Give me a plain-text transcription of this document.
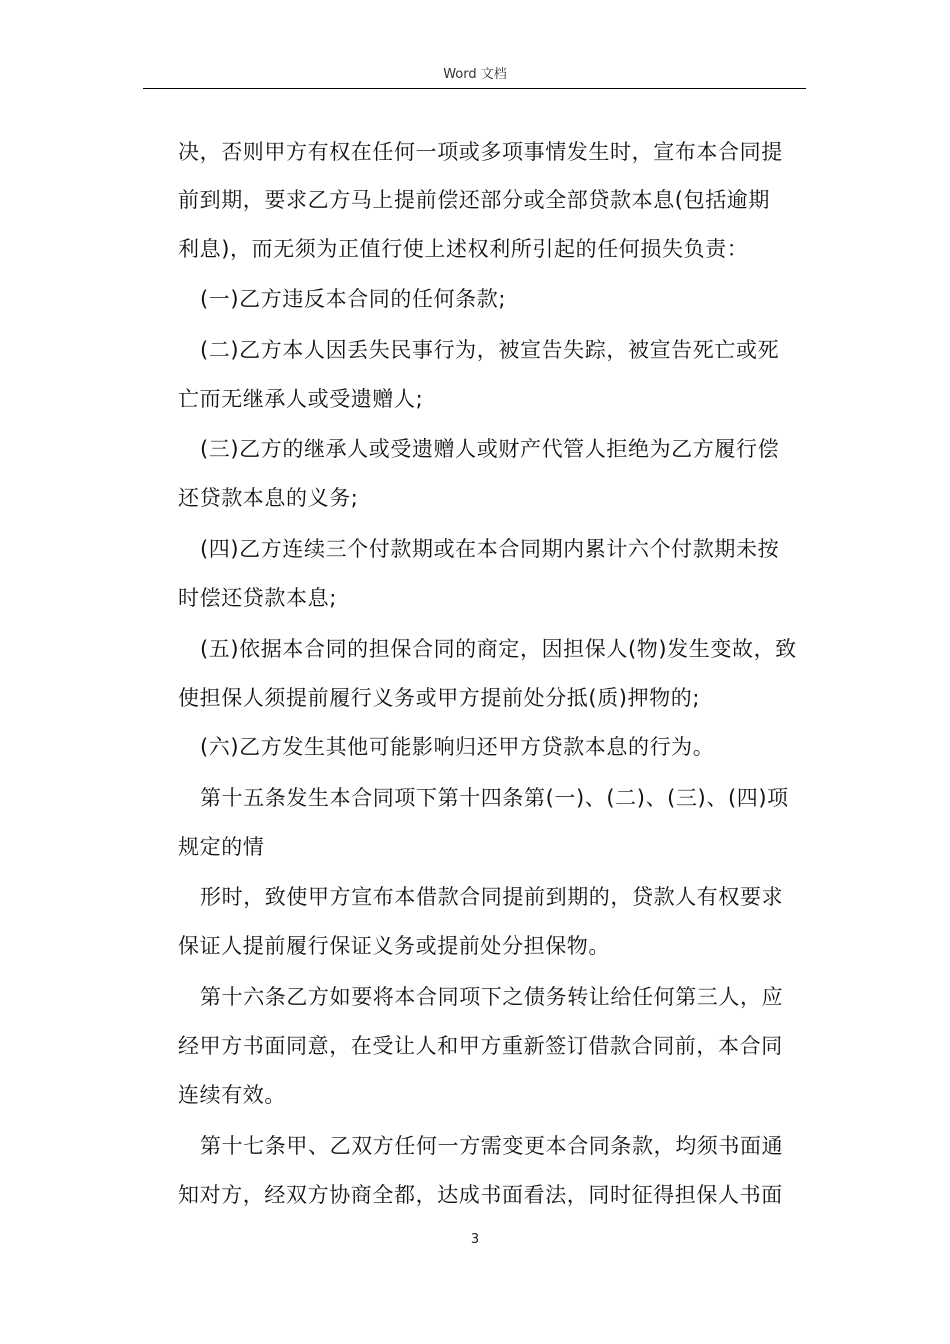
Word 文档
决，否则甲方有权在任何一项或多项事情发生时，宣布本合同提
前到期，要求乙方马上提前偿还部分或全部贷款本息(包括逾期
利息)，而无须为正值行使上述权利所引起的任何损失负责：
(一)乙方违反本合同的任何条款;
(二)乙方本人因丢失民事行为，被宣告失踪，被宣告死亡或死
亡而无继承人或受遗赠人;
(三)乙方的继承人或受遗赠人或财产代管人拒绝为乙方履行偿
还贷款本息的义务;
(四)乙方连续三个付款期或在本合同期内累计六个付款期未按
时偿还贷款本息;
(五)依据本合同的担保合同的商定，因担保人(物)发生变故，致
使担保人须提前履行义务或甲方提前处分抵(质)押物的;
(六)乙方发生其他可能影响归还甲方贷款本息的行为。
第十五条发生本合同项下第十四条第(一)、(二)、(三)、(四)项
规定的情
形时，致使甲方宣布本借款合同提前到期的，贷款人有权要求
保证人提前履行保证义务或提前处分担保物。
第十六条乙方如要将本合同项下之债务转让给任何第三人，应
经甲方书面同意，在受让人和甲方重新签订借款合同前，本合同
连续有效。
第十七条甲、乙双方任何一方需变更本合同条款，均须书面通
知对方，经双方协商全都，达成书面看法，同时征得担保人书面
3
